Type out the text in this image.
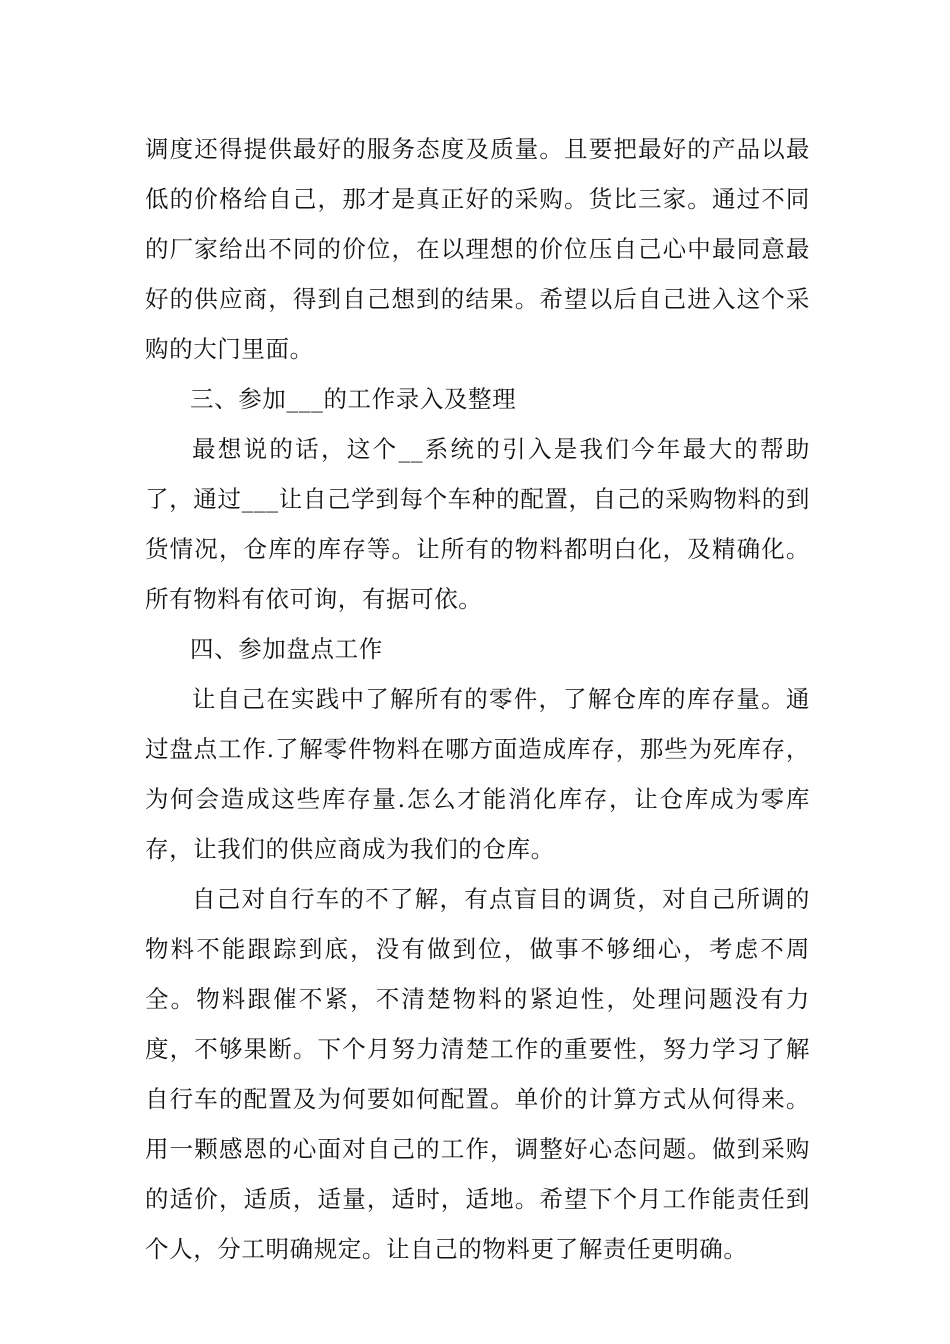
调度还得提供最好的服务态度及质量。且要把最好的产品以最低的价格给自己，那才是真正好的采购。货比三家。通过不同的厂家给出不同的价位，在以理想的价位压自己心中最同意最好的供应商，得到自己想到的结果。希望以后自己进入这个采购的大门里面。

三、参加___的工作录入及整理

最想说的话，这个__系统的引入是我们今年最大的帮助了，通过___让自己学到每个车种的配置，自己的采购物料的到货情况，仓库的库存等。让所有的物料都明白化，及精确化。所有物料有依可询，有据可依。

四、参加盘点工作

让自己在实践中了解所有的零件，了解仓库的库存量。通过盘点工作.了解零件物料在哪方面造成库存，那些为死库存，为何会造成这些库存量.怎么才能消化库存，让仓库成为零库存，让我们的供应商成为我们的仓库。

自己对自行车的不了解，有点盲目的调货，对自己所调的物料不能跟踪到底，没有做到位，做事不够细心，考虑不周全。物料跟催不紧，不清楚物料的紧迫性，处理问题没有力度，不够果断。下个月努力清楚工作的重要性，努力学习了解自行车的配置及为何要如何配置。单价的计算方式从何得来。用一颗感恩的心面对自己的工作，调整好心态问题。做到采购的适价，适质，适量，适时，适地。希望下个月工作能责任到个人，分工明确规定。让自己的物料更了解责任更明确。
